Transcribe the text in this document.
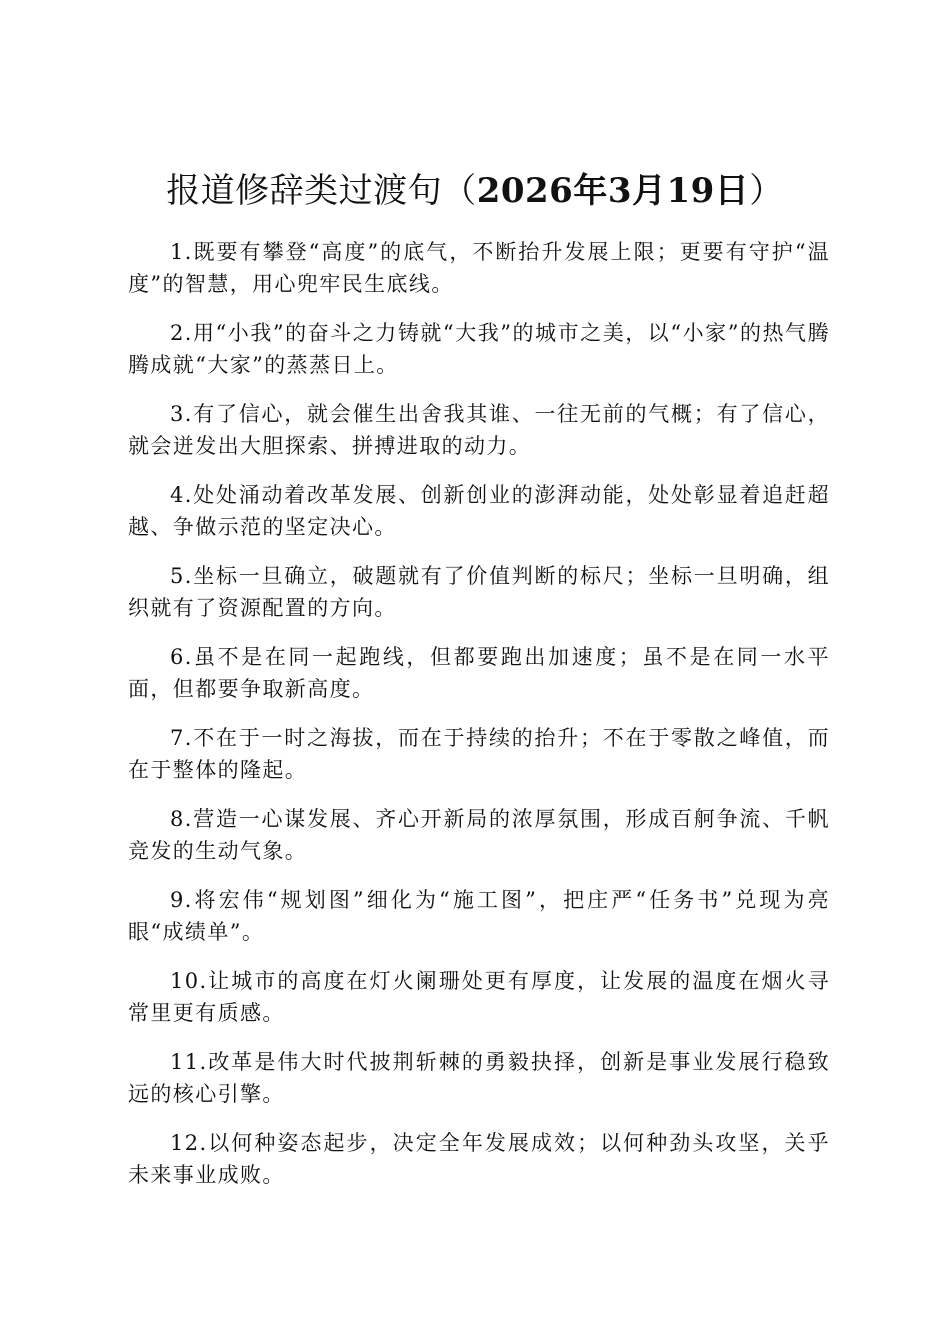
报道修辞类过渡句（2026年3月19日）

1.既要有攀登“高度”的底气，不断抬升发展上限；更要有守护“温度”的智慧，用心兜牢民生底线。

2.用“小我”的奋斗之力铸就“大我”的城市之美，以“小家”的热气腾腾成就“大家”的蒸蒸日上。

3.有了信心，就会催生出舍我其谁、一往无前的气概；有了信心，就会迸发出大胆探索、拼搏进取的动力。

4.处处涌动着改革发展、创新创业的澎湃动能，处处彰显着追赶超越、争做示范的坚定决心。

5.坐标一旦确立，破题就有了价值判断的标尺；坐标一旦明确，组织就有了资源配置的方向。

6.虽不是在同一起跑线，但都要跑出加速度；虽不是在同一水平面，但都要争取新高度。

7.不在于一时之海拔，而在于持续的抬升；不在于零散之峰值，而在于整体的隆起。

8.营造一心谋发展、齐心开新局的浓厚氛围，形成百舸争流、千帆竞发的生动气象。

9.将宏伟“规划图”细化为“施工图”，把庄严“任务书”兑现为亮眼“成绩单”。

10.让城市的高度在灯火阑珊处更有厚度，让发展的温度在烟火寻常里更有质感。

11.改革是伟大时代披荆斩棘的勇毅抉择，创新是事业发展行稳致远的核心引擎。

12.以何种姿态起步，决定全年发展成效；以何种劲头攻坚，关乎未来事业成败。
